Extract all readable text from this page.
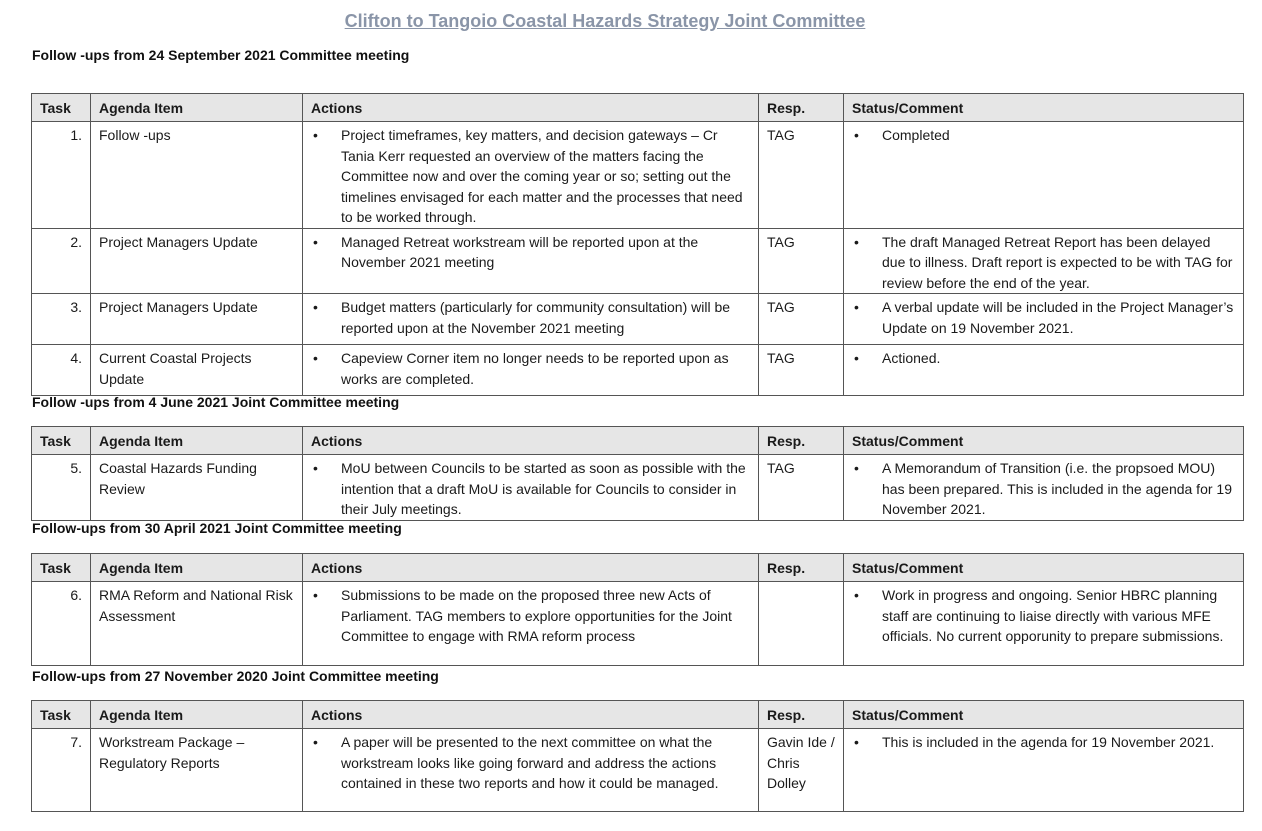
Clifton to Tangoio Coastal Hazards Strategy Joint Committee
Follow -ups from 24 September 2021 Committee meeting
Task	Agenda Item	Actions	Resp.	Status/Comment
1.	Follow -ups	• Project timeframes, key matters, and decision gateways – Cr Tania Kerr requested an overview of the matters facing the Committee now and over the coming year or so; setting out the timelines envisaged for each matter and the processes that need to be worked through.	TAG	• Completed

2.	Project Managers Update	• Managed Retreat workstream will be reported upon at the November 2021 meeting	TAG	• The draft Managed Retreat Report has been delayed due to illness. Draft report is expected to be with TAG for review before the end of the year.

3.	Project Managers Update	• Budget matters (particularly for community consultation) will be reported upon at the November 2021 meeting	TAG	• A verbal update will be included in the Project Manager’s Update on 19 November 2021.

4.	Current Coastal Projects Update	• Capeview Corner item no longer needs to be reported upon as works are completed.	TAG	• Actioned.
Follow -ups from 4 June 2021 Joint Committee meeting
Task	Agenda Item	Actions	Resp.	Status/Comment
5.	Coastal Hazards Funding Review	• MoU between Councils to be started as soon as possible with the intention that a draft MoU is available for Councils to consider in their July meetings.	TAG	• A Memorandum of Transition (i.e. the propsoed MOU) has been prepared. This is included in the agenda for 19 November 2021.
Follow-ups from 30 April 2021 Joint Committee meeting
Task	Agenda Item	Actions	Resp.	Status/Comment
6.	RMA Reform and National Risk Assessment	• Submissions to be made on the proposed three new Acts of Parliament. TAG members to explore opportunities for the Joint Committee to engage with RMA reform process		• Work in progress and ongoing. Senior HBRC planning staff are continuing to liaise directly with various MFE officials. No current opporunity to prepare submissions.
Follow-ups from 27 November 2020 Joint Committee meeting
Task	Agenda Item	Actions	Resp.	Status/Comment
7.	Workstream Package – Regulatory Reports	• A paper will be presented to the next committee on what the workstream looks like going forward and address the actions contained in these two reports and how it could be managed.	Gavin Ide / Chris Dolley	• This is included in the agenda for 19 November 2021.
